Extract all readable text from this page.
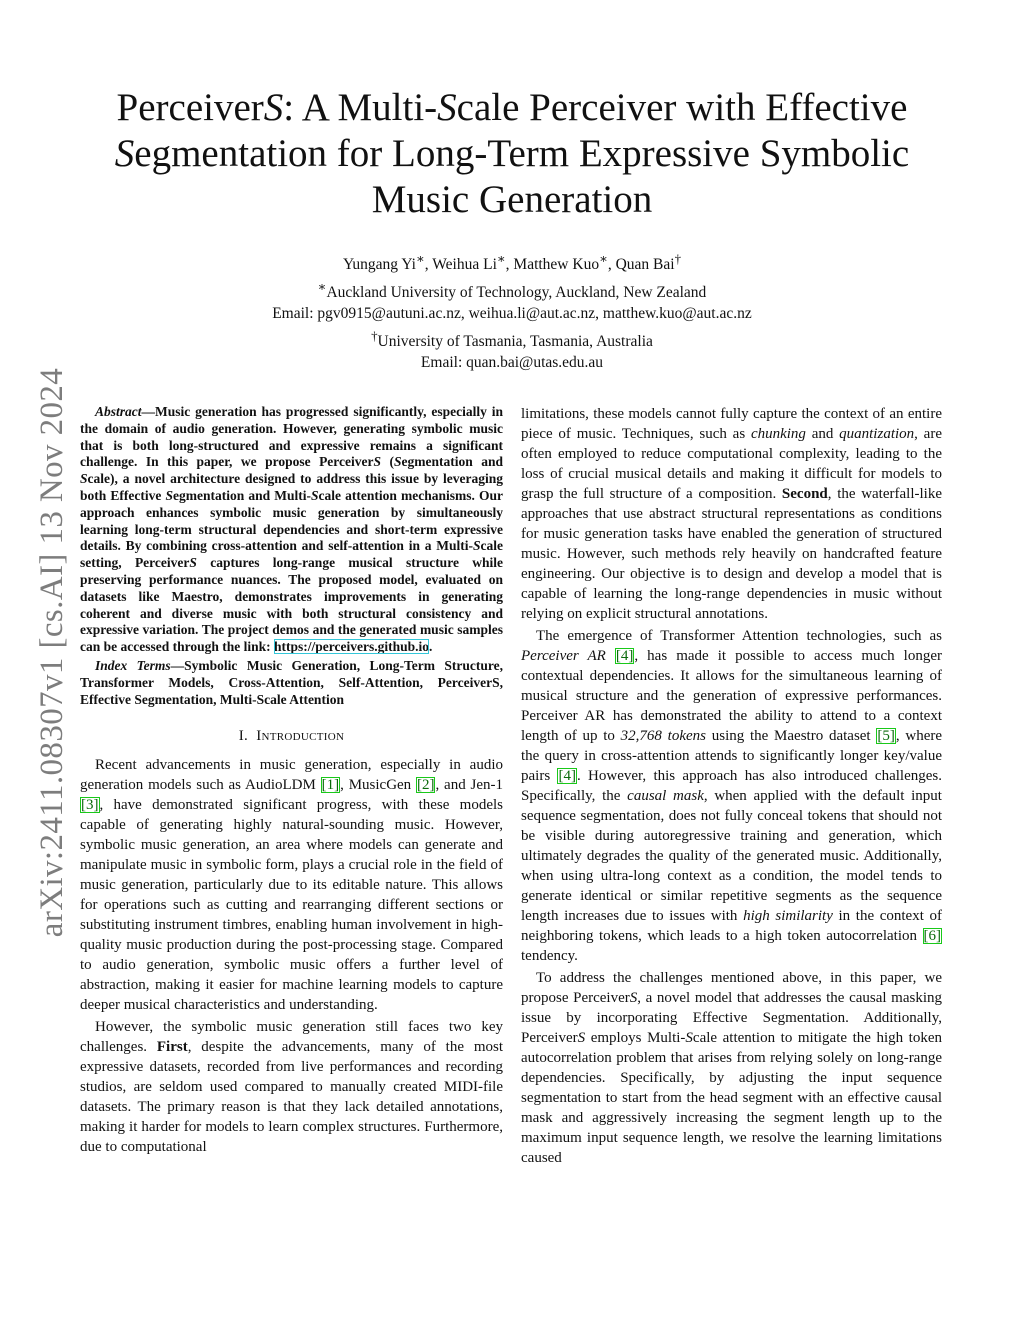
arXiv:2411.08307v1 [cs.AI] 13 Nov 2024
PerceiverS: A Multi-Scale Perceiver with Effective
Segmentation for Long-Term Expressive Symbolic
Music Generation
Yungang Yi∗, Weihua Li∗, Matthew Kuo∗, Quan Bai†
∗Auckland University of Technology, Auckland, New Zealand
Email: pgv0915@autuni.ac.nz, weihua.li@aut.ac.nz, matthew.kuo@aut.ac.nz
†University of Tasmania, Tasmania, Australia
Email: quan.bai@utas.edu.au

Abstract—Music generation has progressed significantly, especially in the domain of audio generation. However, generating symbolic music that is both long-structured and expressive remains a significant challenge. In this paper, we propose PerceiverS (Segmentation and Scale), a novel architecture designed to address this issue by leveraging both Effective Segmentation and Multi-Scale attention mechanisms. Our approach enhances symbolic music generation by simultaneously learning long-term structural dependencies and short-term expressive details. By combining cross-attention and self-attention in a Multi-Scale setting, PerceiverS captures long-range musical structure while preserving performance nuances. The proposed model, evaluated on datasets like Maestro, demonstrates improvements in generating coherent and diverse music with both structural consistency and expressive variation. The project demos and the generated music samples can be accessed through the link: https://perceivers.github.io.

Index Terms—Symbolic Music Generation, Long-Term Structure, Transformer Models, Cross-Attention, Self-Attention, PerceiverS, Effective Segmentation, Multi-Scale Attention

I. Introduction

Recent advancements in music generation, especially in audio generation models such as AudioLDM [1], MusicGen [2], and Jen-1 [3], have demonstrated significant progress, with these models capable of generating highly natural-sounding music. However, symbolic music generation, an area where models can generate and manipulate music in symbolic form, plays a crucial role in the field of music generation, particularly due to its editable nature. This allows for operations such as cutting and rearranging different sections or substituting instrument timbres, enabling human involvement in high-quality music production during the post-processing stage. Compared to audio generation, symbolic music offers a further level of abstraction, making it easier for machine learning models to capture deeper musical characteristics and understanding.

However, the symbolic music generation still faces two key challenges. First, despite the advancements, many of the most expressive datasets, recorded from live performances and recording studios, are seldom used compared to manually created MIDI-file datasets. The primary reason is that they lack detailed annotations, making it harder for models to learn complex structures. Furthermore, due to computational

limitations, these models cannot fully capture the context of an entire piece of music. Techniques, such as chunking and quantization, are often employed to reduce computational complexity, leading to the loss of crucial musical details and making it difficult for models to grasp the full structure of a composition. Second, the waterfall-like approaches that use abstract structural representations as conditions for music generation tasks have enabled the generation of structured music. However, such methods rely heavily on handcrafted feature engineering. Our objective is to design and develop a model that is capable of learning the long-range dependencies in music without relying on explicit structural annotations.

The emergence of Transformer Attention technologies, such as Perceiver AR [4], has made it possible to access much longer contextual dependencies. It allows for the simultaneous learning of musical structure and the generation of expressive performances. Perceiver AR has demonstrated the ability to attend to a context length of up to 32,768 tokens using the Maestro dataset [5], where the query in cross-attention attends to significantly longer key/value pairs [4]. However, this approach has also introduced challenges. Specifically, the causal mask, when applied with the default input sequence segmentation, does not fully conceal tokens that should not be visible during autoregressive training and generation, which ultimately degrades the quality of the generated music. Additionally, when using ultra-long context as a condition, the model tends to generate identical or similar repetitive segments as the sequence length increases due to issues with high similarity in the context of neighboring tokens, which leads to a high token autocorrelation [6] tendency.

To address the challenges mentioned above, in this paper, we propose PerceiverS, a novel model that addresses the causal masking issue by incorporating Effective Segmentation. Additionally, PerceiverS employs Multi-Scale attention to mitigate the high token autocorrelation problem that arises from relying solely on long-range dependencies. Specifically, by adjusting the input sequence segmentation to start from the head segment with an effective causal mask and aggressively increasing the segment length up to the maximum input sequence length, we resolve the learning limitations caused
